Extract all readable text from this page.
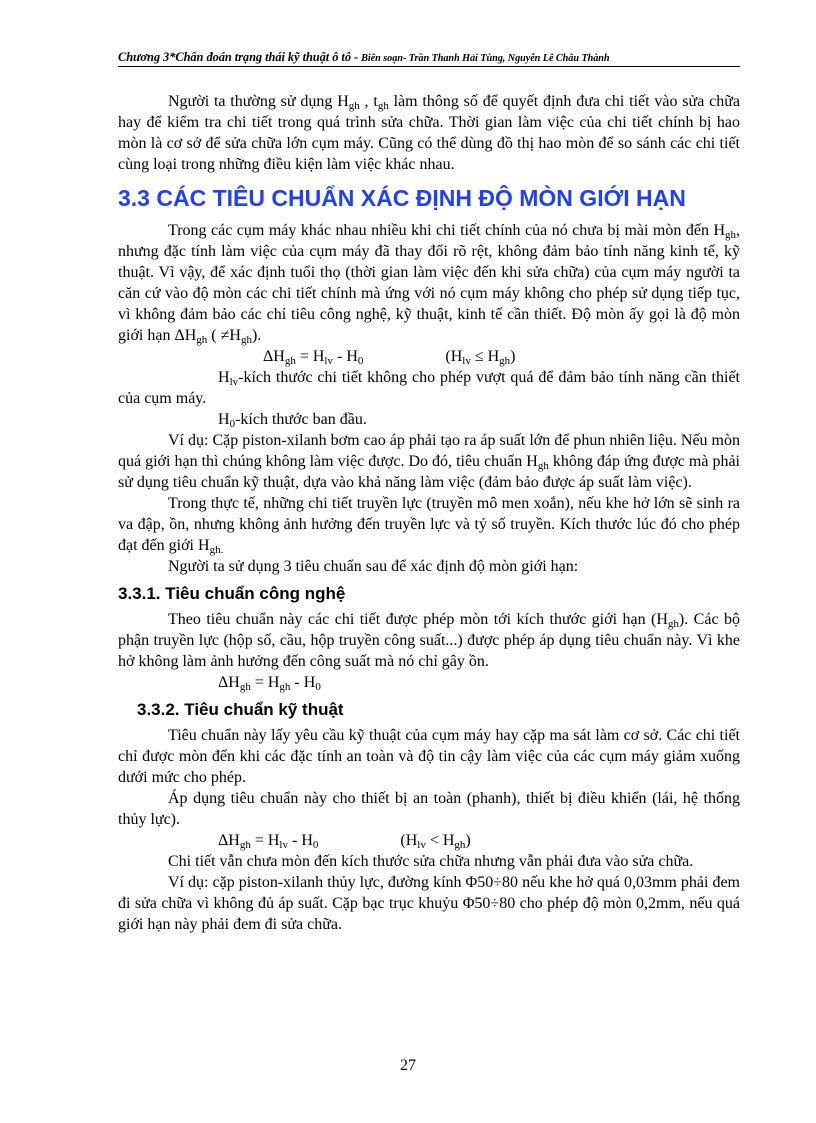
Chương 3*Chẩn đoán trạng thái kỹ thuật ô tô - Biên soạn- Trần Thanh Hải Tùng, Nguyễn Lê Châu Thành

Người ta thường sử dụng $H_{gh}$ , $t_{gh}$ làm thông số để quyết định đưa chi tiết vào sửa chữa hay để kiểm tra chi tiết trong quá trình sửa chữa. Thời gian làm việc của chi tiết chính bị hao mòn là cơ sở để sửa chữa lớn cụm máy. Cũng có thể dùng đồ thị hao mòn để so sánh các chi tiết cùng loại trong những điều kiện làm việc khác nhau.

3.3 CÁC TIÊU CHUẨN XÁC ĐỊNH ĐỘ MÒN GIỚI HẠN

Trong các cụm máy khác nhau nhiều khi chi tiết chính của nó chưa bị mài mòn đến $H_{gh}$, nhưng đặc tính làm việc của cụm máy đã thay đổi rõ rệt, không đảm bảo tính năng kinh tế, kỹ thuật. Vì vậy, để xác định tuổi thọ (thời gian làm việc đến khi sửa chữa) của cụm máy người ta căn cứ vào độ mòn các chi tiết chính mà ứng với nó cụm máy không cho phép sử dụng tiếp tục, vì không đảm bảo các chỉ tiêu công nghệ, kỹ thuật, kinh tế cần thiết. Độ mòn ấy gọi là độ mòn giới hạn $\Delta H_{gh}$ ( $\ne H_{gh}$).

$\Delta H_{gh} = H_{lv} - H_0$	$(H_{lv} \le H_{gh})$

$H_{lv}$-kích thước chi tiết không cho phép vượt quá để đảm bảo tính năng cần thiết của cụm máy.

$H_0$-kích thước ban đầu.

Ví dụ: Cặp piston-xilanh bơm cao áp phải tạo ra áp suất lớn để phun nhiên liệu. Nếu mòn quá giới hạn thì chúng không làm việc được. Do đó, tiêu chuẩn $H_{gh}$ không đáp ứng được mà phải sử dụng tiêu chuẩn kỹ thuật, dựa vào khả năng làm việc (đảm bảo được áp suất làm việc).

Trong thực tế, những chi tiết truyền lực (truyền mô men xoắn), nếu khe hở lớn sẽ sinh ra va đập, ồn, nhưng không ảnh hưởng đến truyền lực và tỷ số truyền. Kích thước lúc đó cho phép đạt đến giới $H_{gh.}$

Người ta sử dụng 3 tiêu chuẩn sau để xác định độ mòn giới hạn:

3.3.1. Tiêu chuẩn công nghệ

Theo tiêu chuẩn này các chi tiết được phép mòn tới kích thước giới hạn $(H_{gh})$. Các bộ phận truyền lực (hộp số, cầu, hộp truyền công suất...) được phép áp dụng tiêu chuẩn này. Vì khe hở không làm ảnh hưởng đến công suất mà nó chỉ gây ồn.

$\Delta H_{gh} = H_{gh} - H_0$

3.3.2. Tiêu chuẩn kỹ thuật

Tiêu chuẩn này lấy yêu cầu kỹ thuật của cụm máy hay cặp ma sát làm cơ sở. Các chi tiết chỉ được mòn đến khi các đặc tính an toàn và độ tin cậy làm việc của các cụm máy giảm xuống dưới mức cho phép.

Áp dụng tiêu chuẩn này cho thiết bị an toàn (phanh), thiết bị điều khiển (lái, hệ thống thủy lực).

$\Delta H_{gh} = H_{lv} - H_0$	$(H_{lv} < H_{gh})$

Chi tiết vẫn chưa mòn đến kích thước sửa chữa nhưng vẫn phải đưa vào sửa chữa.

Ví dụ: cặp piston-xilanh thủy lực, đường kính Φ50÷80 nếu khe hở quá 0,03mm phải đem đi sửa chữa vì không đủ áp suất. Cặp bạc trục khuỷu Φ50÷80 cho phép độ mòn 0,2mm, nếu quá giới hạn này phải đem đi sửa chữa.

27
